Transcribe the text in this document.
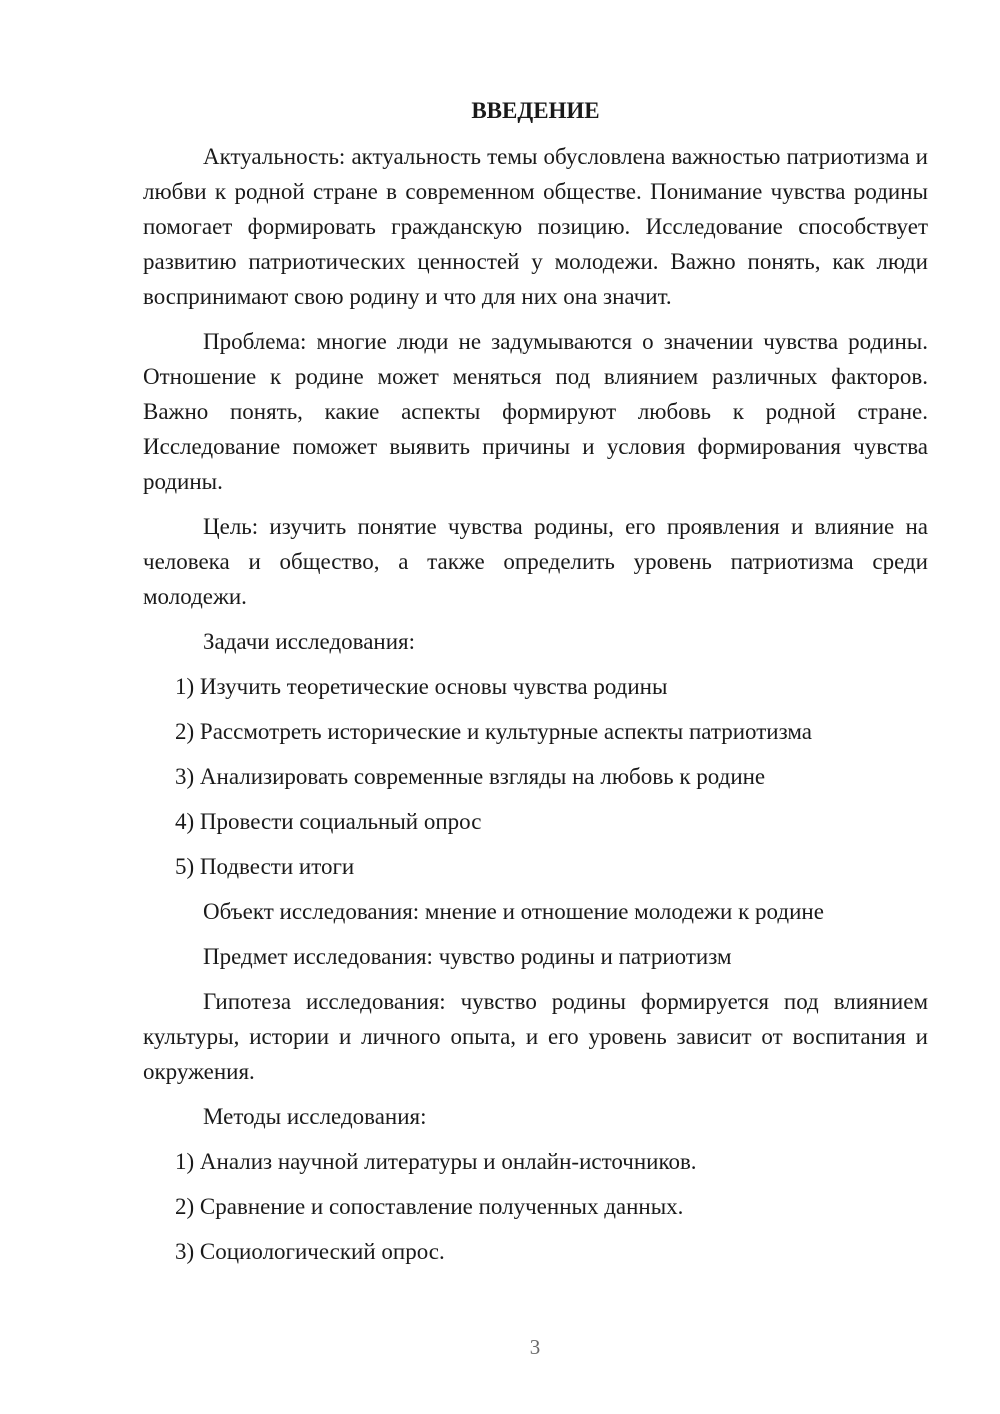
ВВЕДЕНИЕ

Актуальность: актуальность темы обусловлена важностью патриотизма и любви к родной стране в современном обществе. Понимание чувства родины помогает формировать гражданскую позицию. Исследование способствует развитию патриотических ценностей у молодежи. Важно понять, как люди воспринимают свою родину и что для них она значит.

Проблема: многие люди не задумываются о значении чувства родины. Отношение к родине может меняться под влиянием различных факторов. Важно понять, какие аспекты формируют любовь к родной стране. Исследование поможет выявить причины и условия формирования чувства родины.

Цель: изучить понятие чувства родины, его проявления и влияние на человека и общество, а также определить уровень патриотизма среди молодежи.

Задачи исследования:

1) Изучить теоретические основы чувства родины

2) Рассмотреть исторические и культурные аспекты патриотизма

3) Анализировать современные взгляды на любовь к родине

4) Провести социальный опрос

5) Подвести итоги

Объект исследования: мнение и отношение молодежи к родине

Предмет исследования: чувство родины и патриотизм

Гипотеза исследования: чувство родины формируется под влиянием культуры, истории и личного опыта, и его уровень зависит от воспитания и окружения.

Методы исследования:

1) Анализ научной литературы и онлайн-источников.

2) Сравнение и сопоставление полученных данных.

3) Социологический опрос.

3
